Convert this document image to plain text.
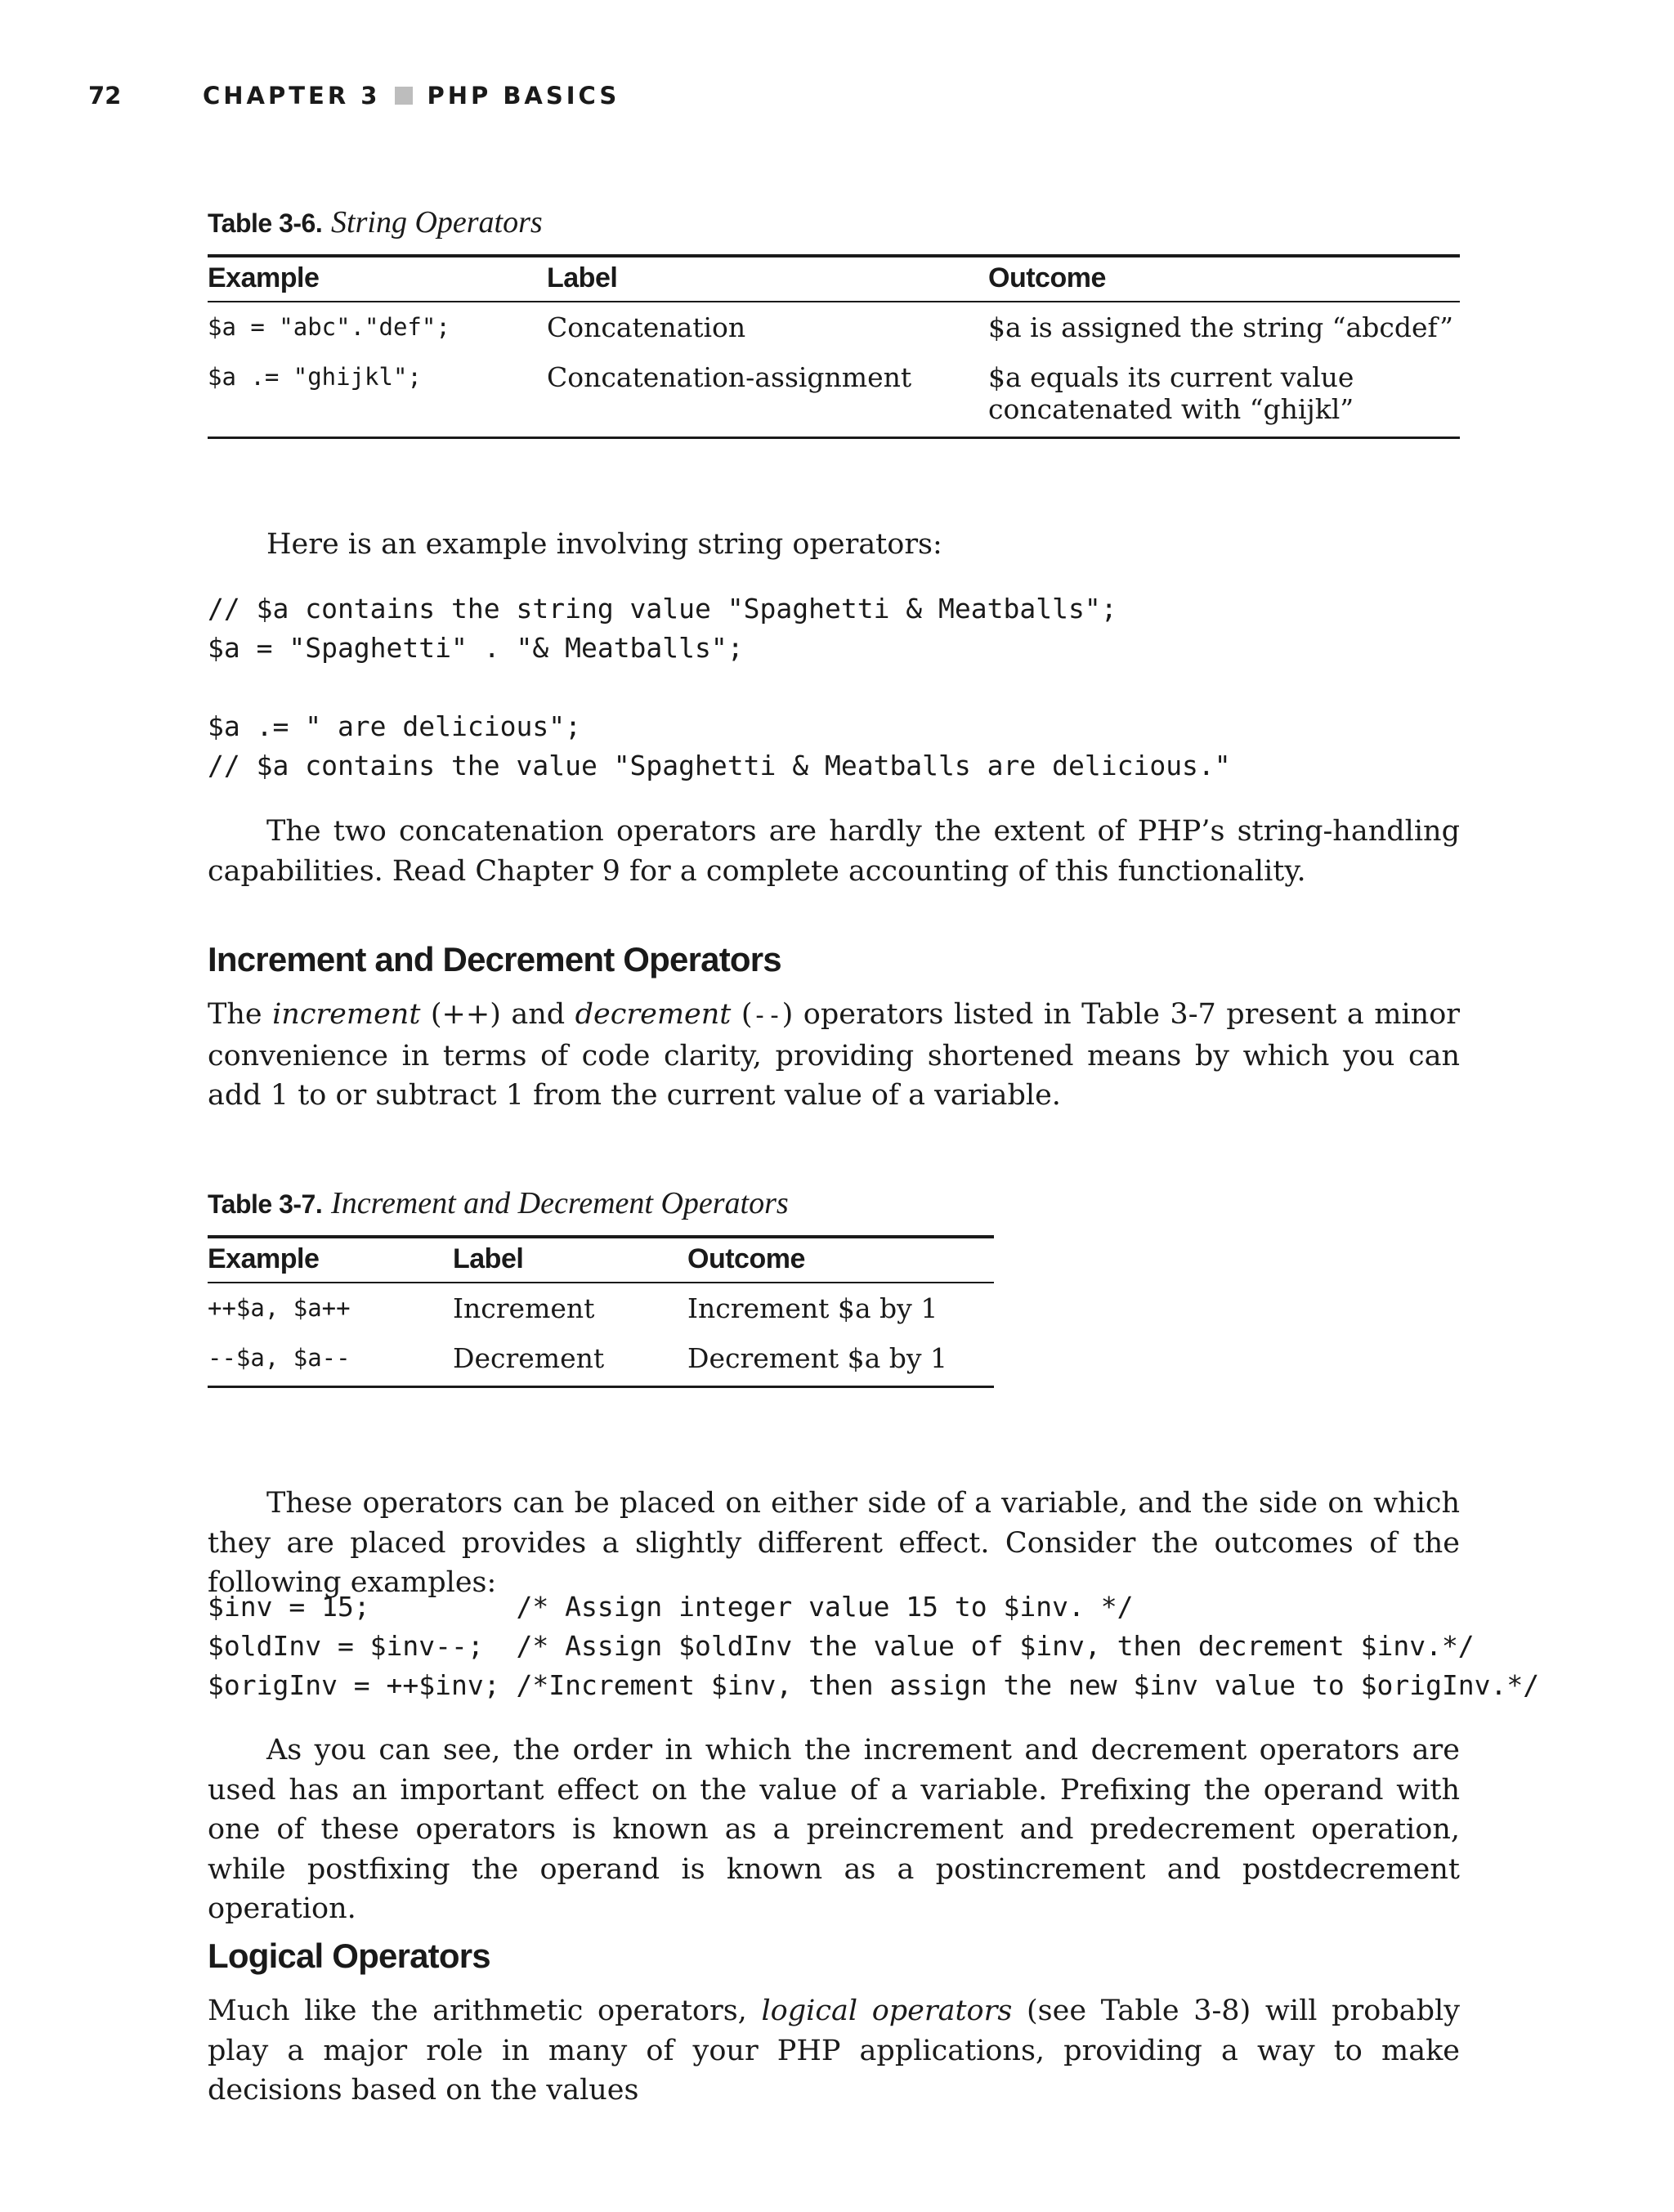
72	CHAPTER 3 PHP BASICS
Table 3-6. String Operators
Example	Label	Outcome
$a = "abc"."def";	Concatenation	$a is assigned the string “abcdef”
$a .= "ghijkl";	Concatenation-assignment	$a equals its current value
concatenated with “ghijkl”
Here is an example involving string operators:
// $a contains the string value "Spaghetti & Meatballs";
$a = "Spaghetti" . "& Meatballs";

$a .= " are delicious";
// $a contains the value "Spaghetti & Meatballs are delicious."
The two concatenation operators are hardly the extent of PHP’s string-handling capabilities. Read Chapter 9 for a complete accounting of this functionality.
Increment and Decrement Operators
The increment (++) and decrement (--) operators listed in Table 3-7 present a minor convenience in terms of code clarity, providing shortened means by which you can add 1 to or subtract 1 from the current value of a variable.
Table 3-7. Increment and Decrement Operators
Example	Label	Outcome
++$a, $a++	Increment	Increment $a by 1
--$a, $a--	Decrement	Decrement $a by 1
These operators can be placed on either side of a variable, and the side on which they are placed provides a slightly different effect. Consider the outcomes of the following examples:
$inv = 15;         /* Assign integer value 15 to $inv. */
$oldInv = $inv--;  /* Assign $oldInv the value of $inv, then decrement $inv.*/
$origInv = ++$inv; /*Increment $inv, then assign the new $inv value to $origInv.*/
As you can see, the order in which the increment and decrement operators are used has an important effect on the value of a variable. Prefixing the operand with one of these operators is known as a preincrement and predecrement operation, while postfixing the operand is known as a postincrement and postdecrement operation.
Logical Operators
Much like the arithmetic operators, logical operators (see Table 3-8) will probably play a major role in many of your PHP applications, providing a way to make decisions based on the values
